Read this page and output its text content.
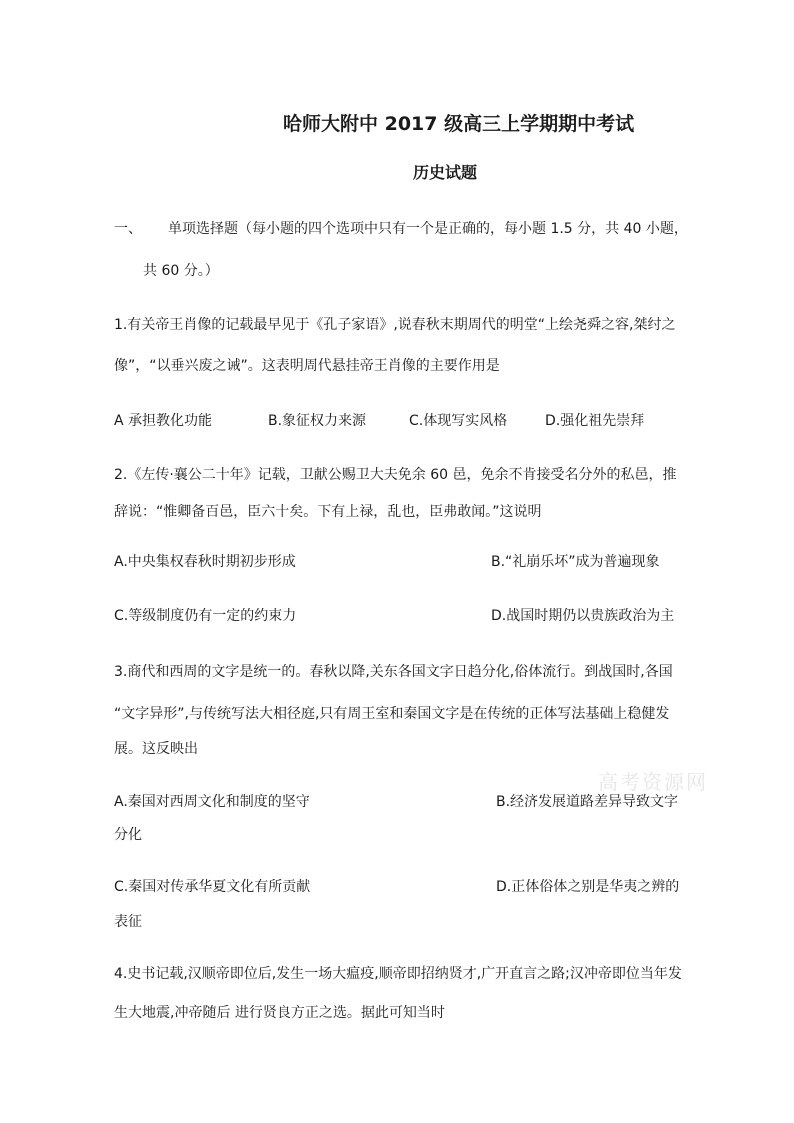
哈师大附中 2017 级高三上学期期中考试
历史试题
一、 单项选择题（每小题的四个选项中只有一个是正确的，每小题 1.5 分，共 40 小题，
共 60 分。）
1.有关帝王肖像的记载最早见于《孔子家语》,说春秋末期周代的明堂“上绘尧舜之容,桀纣之
像”，“以垂兴废之诫”。这表明周代悬挂帝王肖像的主要作用是
A 承担教化功能	B.象征权力来源	C.体现写实风格	D.强化祖先崇拜
2.《左传·襄公二十年》记载，卫献公赐卫大夫免余 60 邑，免余不肯接受名分外的私邑，推
辞说：“惟卿备百邑，臣六十矣。下有上禄，乱也，臣弗敢闻。”这说明
A.中央集权春秋时期初步形成	B.“礼崩乐坏”成为普遍现象
C.等级制度仍有一定的约束力	D.战国时期仍以贵族政治为主
3.商代和西周的文字是统一的。春秋以降,关东各国文字日趋分化,俗体流行。到战国时,各国
“文字异形”,与传统写法大相径庭,只有周王室和秦国文字是在传统的正体写法基础上稳健发
展。这反映出
高考资源网
A.秦国对西周文化和制度的坚守	B.经济发展道路差异导致文字
分化
C.秦国对传承华夏文化有所贡献	D.正体俗体之别是华夷之辨的
表征
4.史书记载,汉顺帝即位后,发生一场大瘟疫,顺帝即招纳贤才,广开直言之路;汉冲帝即位当年发
生大地震,冲帝随后 进行贤良方正之选。据此可知当时
